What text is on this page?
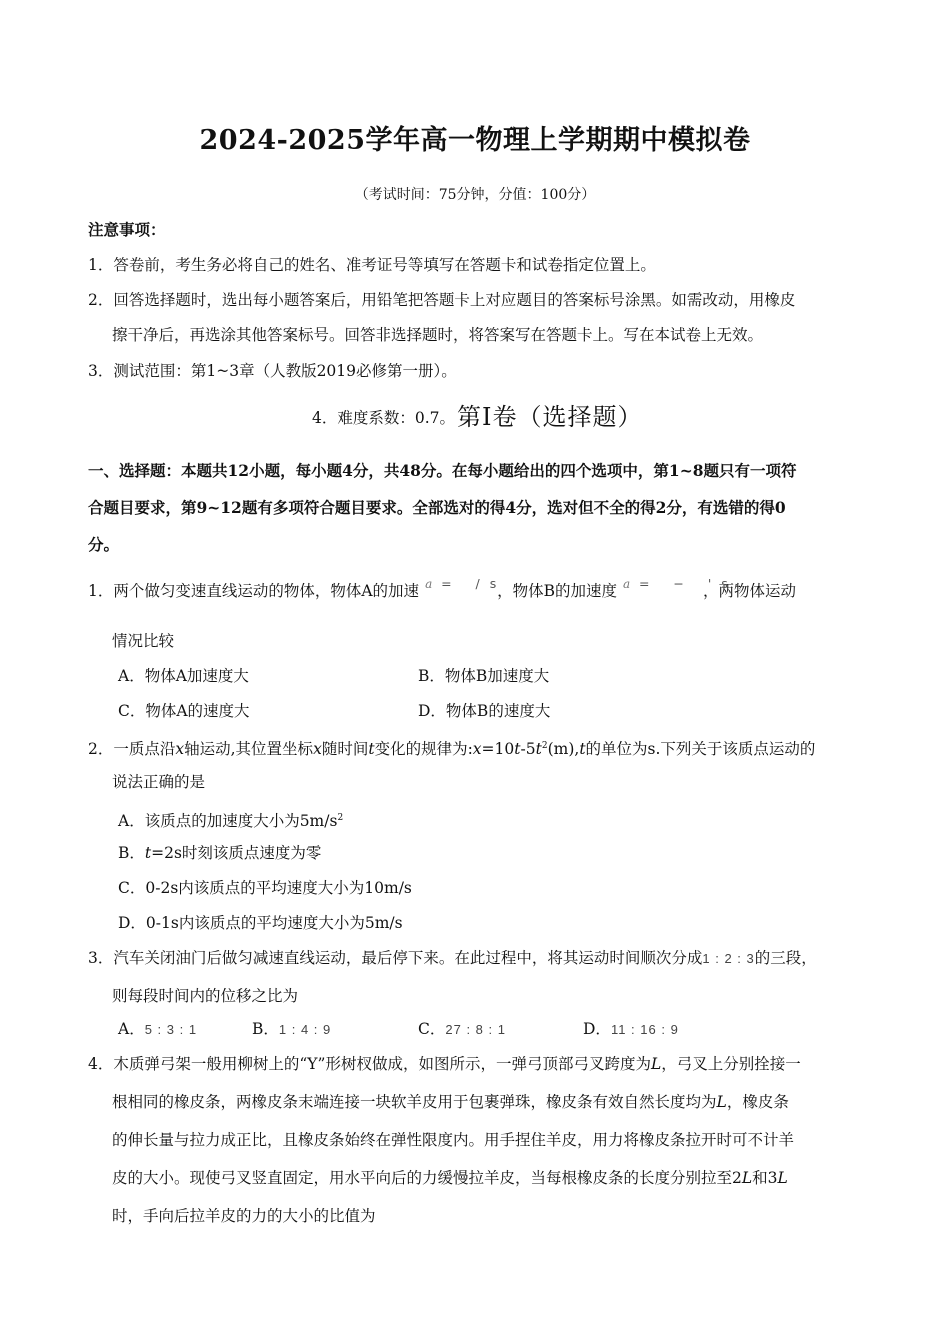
2024-2025学年高一物理上学期期中模拟卷
（考试时间：75分钟，分值：100分）
注意事项：
1．答卷前，考生务必将自己的姓名、准考证号等填写在答题卡和试卷指定位置上。
2．回答选择题时，选出每小题答案后，用铅笔把答题卡上对应题目的答案标号涂黑。如需改动，用橡皮
擦干净后，再选涂其他答案标号。回答非选择题时，将答案写在答题卡上。写在本试卷上无效。
3．测试范围：第1~3章（人教版2019必修第一册）。
4．难度系数：0.7。第Ⅰ卷（选择题）
一、选择题：本题共12小题，每小题4分，共48分。在每小题给出的四个选项中，第1~8题只有一项符
合题目要求，第9~12题有多项符合题目要求。全部选对的得4分，选对但不全的得2分，有选错的得0
分。
1．两个做匀变速直线运动的物体，物体A的加速 a = /s
，物体B的加速度 a = − 's
，两物体运动
情况比较
A．物体A加速度大	B．物体B加速度大
C．物体A的速度大	D．物体B的速度大
2．一质点沿x轴运动,其位置坐标x随时间t变化的规律为$:x=10t-5t^2(m),t$的单位为s.下列关于该质点运动的
说法正确的是
A．该质点的加速度大小为$5m/s^2$
B．t=2s时刻该质点速度为零
C．0-2s内该质点的平均速度大小为10m/s
D．0-1s内该质点的平均速度大小为5m/s
3．汽车关闭油门后做匀减速直线运动，最后停下来。在此过程中，将其运动时间顺次分成1 : 2 : 3的三段，
则每段时间内的位移之比为
A．5 : 3 : 1	B．1 : 4 : 9	C．27 : 8 : 1	D．11 : 16 : 9
4．木质弹弓架一般用柳树上的“Y”形树杈做成，如图所示，一弹弓顶部弓叉跨度为L，弓叉上分别拴接一
根相同的橡皮条，两橡皮条末端连接一块软羊皮用于包裹弹珠，橡皮条有效自然长度均为L，橡皮条
的伸长量与拉力成正比，且橡皮条始终在弹性限度内。用手捏住羊皮，用力将橡皮条拉开时可不计羊
皮的大小。现使弓叉竖直固定，用水平向后的力缓慢拉羊皮，当每根橡皮条的长度分别拉至2L和3L
时，手向后拉羊皮的力的大小的比值为
